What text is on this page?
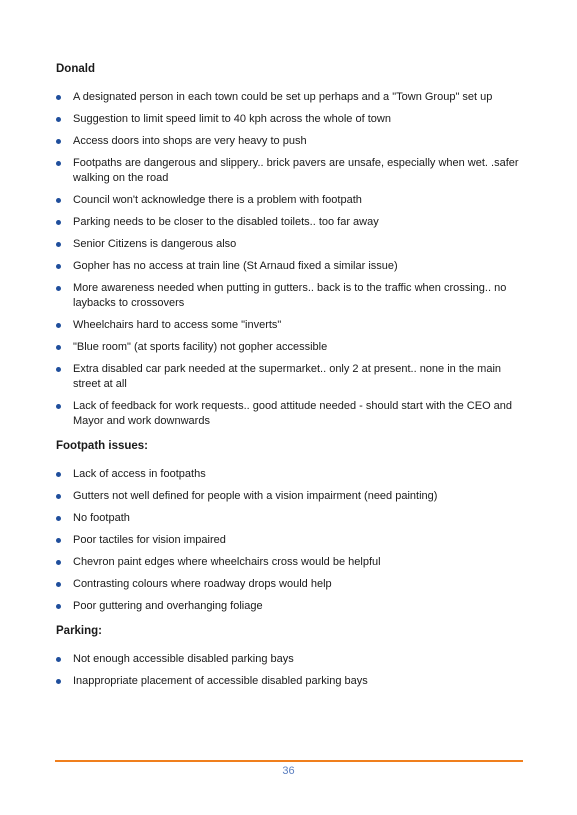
Donald
A designated person in each town could be set up perhaps and a "Town Group" set up
Suggestion to limit speed limit to 40 kph across the whole of town
Access doors into shops are very heavy to push
Footpaths are dangerous and slippery.. brick pavers are unsafe, especially when wet. .safer walking on the road
Council won't acknowledge there is a problem with footpath
Parking needs to be closer to the disabled toilets.. too far away
Senior Citizens is dangerous also
Gopher has no access at train line (St Arnaud fixed a similar issue)
More awareness needed when putting in gutters.. back is to the traffic when crossing.. no laybacks to crossovers
Wheelchairs hard to access some "inverts"
"Blue room" (at sports facility) not gopher accessible
Extra disabled car park needed at the supermarket.. only 2 at present.. none in the main street at all
Lack of feedback for work requests.. good attitude needed - should start with the CEO and Mayor and work downwards
Footpath issues:
Lack of access in footpaths
Gutters not well defined for people with a vision impairment (need painting)
No footpath
Poor tactiles for vision impaired
Chevron paint edges where wheelchairs cross would be helpful
Contrasting colours where roadway drops would help
Poor guttering and overhanging foliage
Parking:
Not enough accessible disabled parking bays
Inappropriate placement of accessible disabled parking bays
36
